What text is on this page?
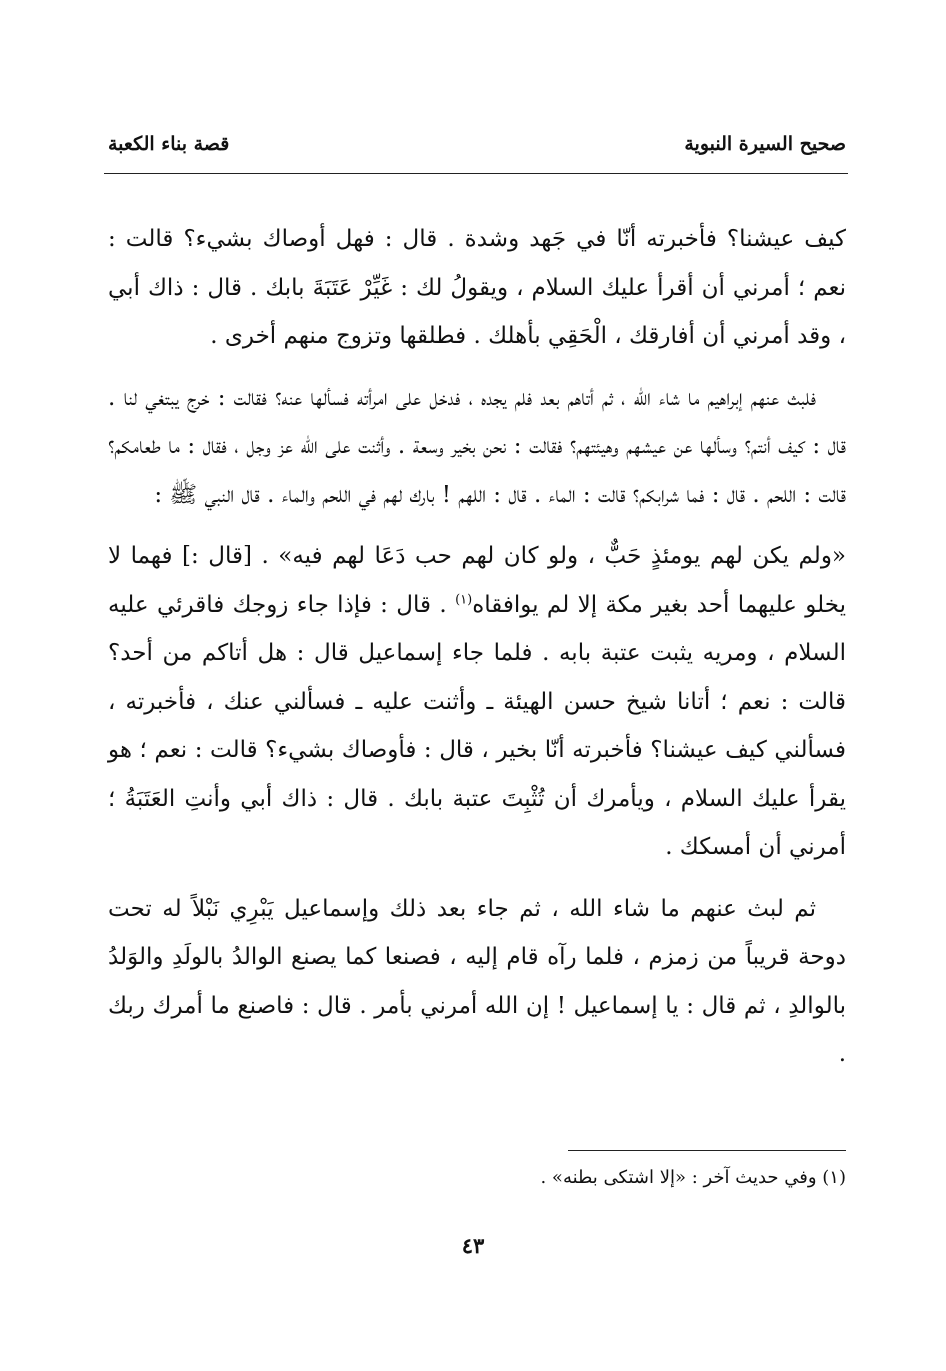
صحيح السيرة النبوية
قصة بناء الكعبة

كيف عيشنا؟ فأخبرته أنّا في جَهد وشدة . قال : فهل أوصاك بشيء؟ قالت : نعم ؛ أمرني أن أقرأ عليك السلام ، ويقولُ لك : غَيِّرْ عَتَبَةَ بابك . قال : ذاك أبي ، وقد أمرني أن أفارقك ، الْحَقِي بأهلك . فطلقها وتزوج منهم أخرى .

فلبث عنهم إبراهيم ما شاء الله ، ثم أتاهم بعد فلم يجده ، فدخل على امرأته فسألها عنه؟ فقالت : خرج يبتغي لنا . قال : كيف أنتم؟ وسألها عن عيشهم وهيئتهم؟ فقالت : نحن بخير وسعة . وأثنت على الله عز وجل ، فقال : ما طعامكم؟ قالت : اللحم . قال : فما شرابكم؟ قالت : الماء . قال : اللهم ! بارك لهم في اللحم والماء . قال النبي ﷺ :

«ولم يكن لهم يومئذٍ حَبٌّ ، ولو كان لهم حب دَعَا لهم فيه» . [قال :] فهما لا يخلو عليهما أحد بغير مكة إلا لم يوافقاه$^{(١)}$ . قال : فإذا جاء زوجك فاقرئي عليه السلام ، ومريه يثبت عتبة بابه . فلما جاء إسماعيل قال : هل أتاكم من أحد؟ قالت : نعم ؛ أتانا شيخ حسن الهيئة ـ وأثنت عليه ـ فسألني عنك ، فأخبرته ، فسألني كيف عيشنا؟ فأخبرته أنّا بخير ، قال : فأوصاك بشيء؟ قالت : نعم ؛ هو يقرأ عليك السلام ، ويأمرك أن تُثْبِتَ عتبة بابك . قال : ذاك أبي وأنتِ العَتَبَةُ ؛ أمرني أن أمسكك .

ثم لبث عنهم ما شاء الله ، ثم جاء بعد ذلك وإسماعيل يَبْرِي نَبْلاً له تحت دوحة قريباً من زمزم ، فلما رآه قام إليه ، فصنعا كما يصنع الوالدُ بالولَدِ والوَلدُ بالوالدِ ، ثم قال : يا إسماعيل ! إن الله أمرني بأمر . قال : فاصنع ما أمرك ربك .

(١) وفي حديث آخر : «إلا اشتكى بطنه» .
٤٣
